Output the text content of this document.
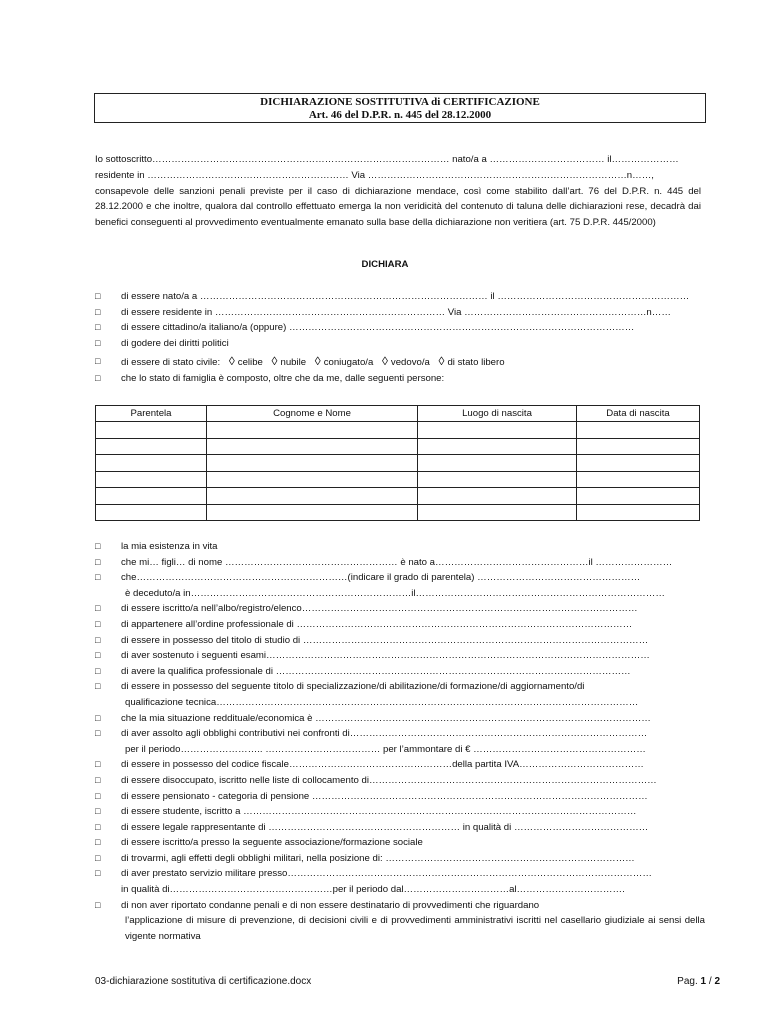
DICHIARAZIONE SOSTITUTIVA di CERTIFICAZIONE
Art. 46 del D.P.R. n. 445 del 28.12.2000
Io sottoscritto………………………………………………………………………………… nato/a a ……………………………… il…………………
residente in ……………………………………………………… Via ………………………………………………………………………n……,
consapevole delle sanzioni penali previste per il caso di dichiarazione mendace, così come stabilito dall’art. 76 del D.P.R. n. 445 del 28.12.2000 e che inoltre, qualora dal controllo effettuato emerga la non veridicità del contenuto di taluna delle dichiarazioni rese, decadrà dai benefici conseguenti al provvedimento eventualmente emanato sulla base della dichiarazione non veritiera (art. 75 D.P.R. 445/2000)
DICHIARA
□	di essere nato/a a ……………………………………………………………………………… il ……………………………………………………
□	di essere residente in ……………………………………………………………… Via …………………………………………………n……
□	di essere cittadino/a italiano/a (oppure) ………………………………………………………………………………………………
□	di godere dei diritti politici
□	di essere di stato civile: ◊ celibe ◊ nubile ◊ coniugato/a ◊ vedovo/a ◊ di stato libero
□	che lo stato di famiglia è composto, oltre che da me, dalle seguenti persone:
Parentela	Cognome e Nome	Luogo di nascita	Data di nascita

□	la mia esistenza in vita
□	che mi… figli… di nome ……………………………………………… è nato a…………………………………………il ……………………
□	che…………………………………………………………(indicare il grado di parentela) ……………………………………………
è deceduto/a in……………………………………………………………il……………………………………………………………………
□	di essere iscritto/a nell’albo/registro/elenco……………………………………………………………………………………………
□	di appartenere all’ordine professionale di ……………………………………………………………………………………………
□	di essere in possesso del titolo di studio di ………………………………………………………………………………………………
□	di aver sostenuto i seguenti esami…………………………………………………………………………………………………………
□	di avere la qualifica professionale di …………………………………………………………………………………………………
□	di essere in possesso del seguente titolo di specializzazione/di abilitazione/di formazione/di aggiornamento/di
qualificazione tecnica……………………………………………………………………………………………………………………
□	che la mia situazione reddituale/economica è ……………………………………………………………………………………………
□	di aver assolto agli obblighi contributivi nei confronti di…………………………………………………………………………………
per il periodo…………………….. ……………………………… per l’ammontare di € ………………………………………………
□	di essere in possesso del codice fiscale……………………………………………della partita IVA…………………………………
□	di essere disoccupato, iscritto nelle liste di collocamento di………………………………………………………………………………
□	di essere pensionato - categoria di pensione ……………………………………………………………………………………………
□	di essere studente, iscritto a ……………………………………………………………………………………………………………
□	di essere legale rappresentante di …………………………………………………… in qualità di ……………………………………
□	di essere iscritto/a presso la seguente associazione/formazione sociale
□	di trovarmi, agli effetti degli obblighi militari, nella posizione di: ……………………………………………………………………
□	di aver prestato servizio militare presso……………………………………………………………………………………………………
in qualità di……………………………………………per il periodo dal……………………………al…………………………….
□	di non aver riportato condanne penali e di non essere destinatario di provvedimenti che riguardano
l’applicazione di misure di prevenzione, di decisioni civili e di provvedimenti amministrativi iscritti nel casellario giudiziale ai sensi della vigente normativa
03-dichiarazione sostitutiva di certificazione.docx	Pag. 1 / 2
